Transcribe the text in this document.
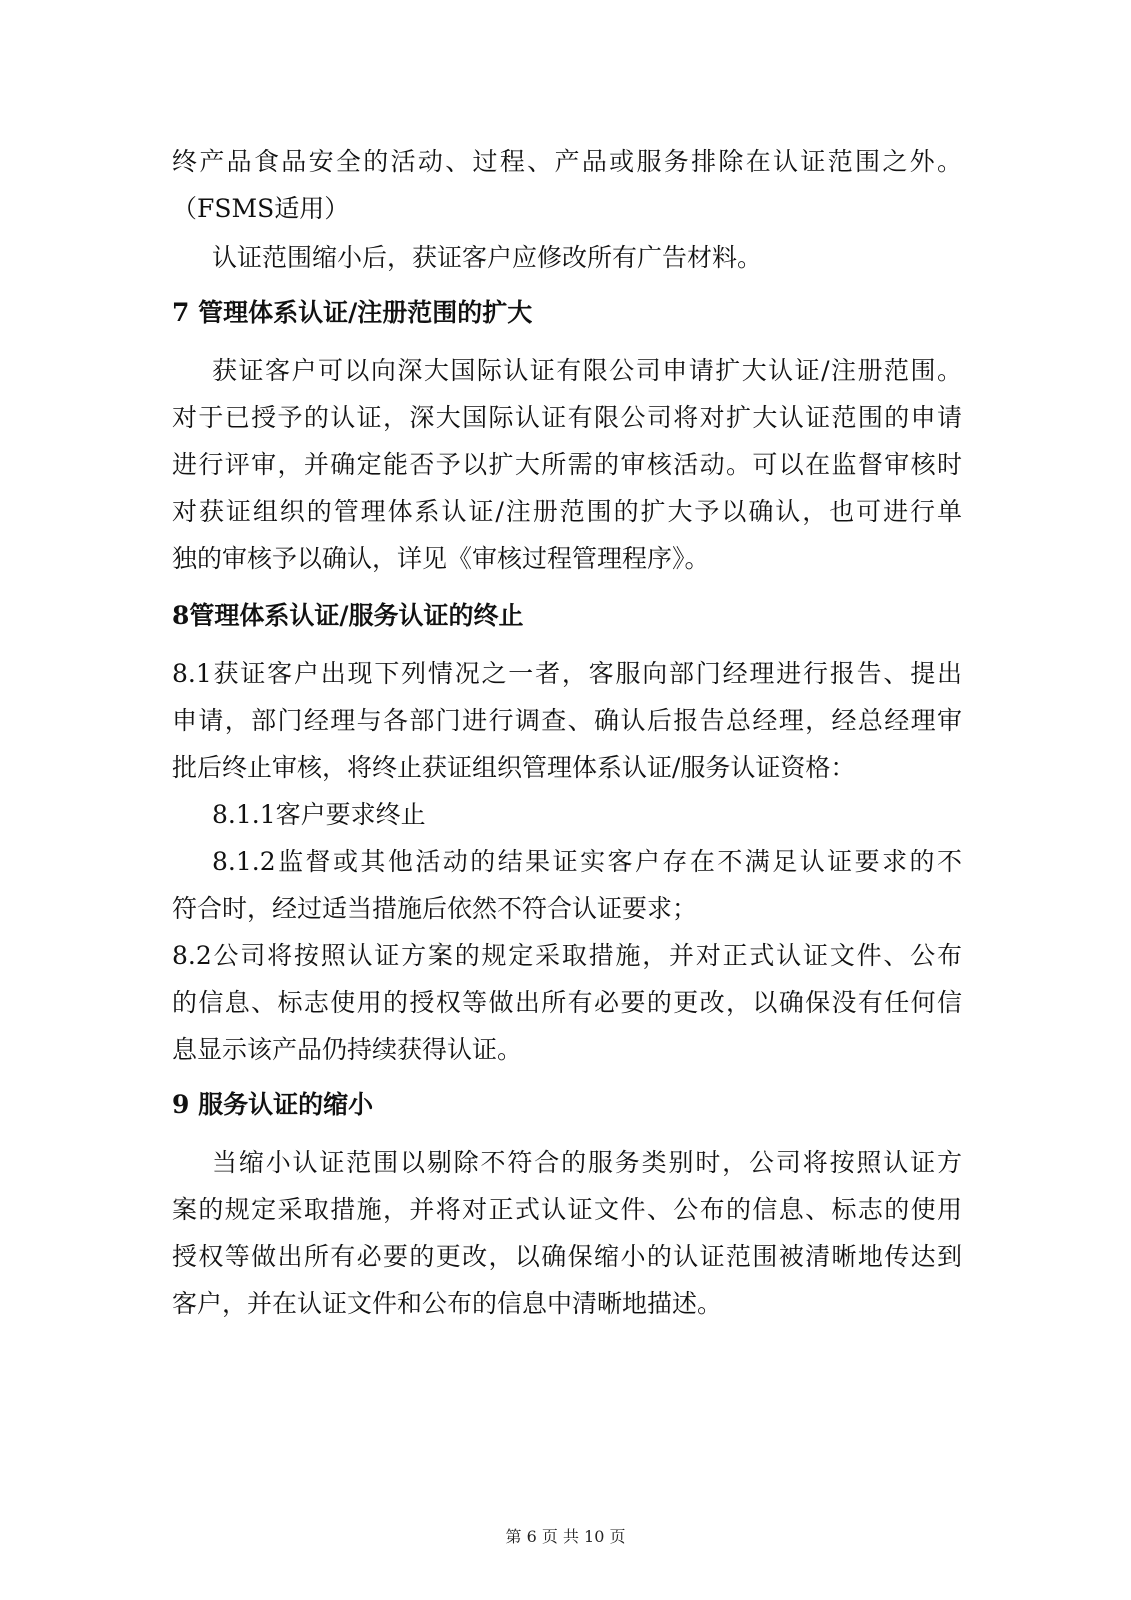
终产品食品安全的活动、过程、产品或服务排除在认证范围之外。
（FSMS适用）
认证范围缩小后，获证客户应修改所有广告材料。
7 管理体系认证/注册范围的扩大
获证客户可以向深大国际认证有限公司申请扩大认证/注册范围。
对于已授予的认证，深大国际认证有限公司将对扩大认证范围的申请
进行评审，并确定能否予以扩大所需的审核活动。可以在监督审核时
对获证组织的管理体系认证/注册范围的扩大予以确认，也可进行单
独的审核予以确认，详见《审核过程管理程序》。
8管理体系认证/服务认证的终止
8.1获证客户出现下列情况之一者，客服向部门经理进行报告、提出
申请，部门经理与各部门进行调查、确认后报告总经理，经总经理审
批后终止审核，将终止获证组织管理体系认证/服务认证资格：
8.1.1客户要求终止
8.1.2监督或其他活动的结果证实客户存在不满足认证要求的不
符合时，经过适当措施后依然不符合认证要求；
8.2公司将按照认证方案的规定采取措施，并对正式认证文件、公布
的信息、标志使用的授权等做出所有必要的更改，以确保没有任何信
息显示该产品仍持续获得认证。
9 服务认证的缩小
当缩小认证范围以剔除不符合的服务类别时，公司将按照认证方
案的规定采取措施，并将对正式认证文件、公布的信息、标志的使用
授权等做出所有必要的更改，以确保缩小的认证范围被清晰地传达到
客户，并在认证文件和公布的信息中清晰地描述。
第 6 页 共 10 页
